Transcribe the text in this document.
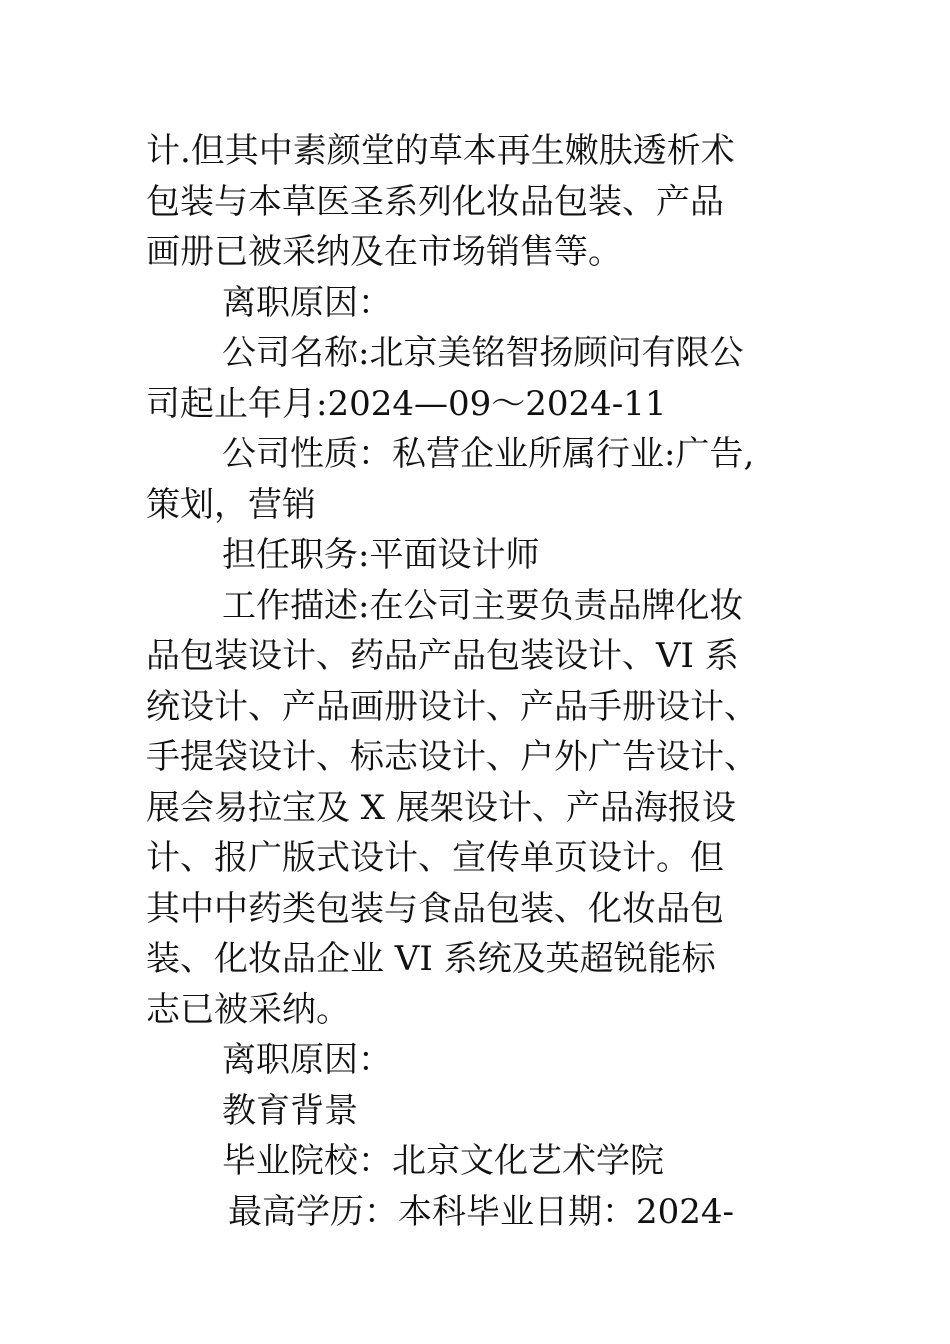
计.但其中素颜堂的草本再生嫩肤透析术
包装与本草医圣系列化妆品包装、产品
画册已被采纳及在市场销售等。
离职原因：
公司名称:北京美铭智扬顾问有限公
司起止年月:2024—09～2024-11
公司性质：私营企业所属行业:广告,
策划，营销
担任职务:平面设计师
工作描述:在公司主要负责品牌化妆
品包装设计、药品产品包装设计、VI 系
统设计、产品画册设计、产品手册设计、
手提袋设计、标志设计、户外广告设计、
展会易拉宝及 X 展架设计、产品海报设
计、报广版式设计、宣传单页设计。但
其中中药类包装与食品包装、化妆品包
装、化妆品企业 VI 系统及英超锐能标
志已被采纳。
离职原因：
教育背景
毕业院校：北京文化艺术学院
最高学历：本科毕业日期：2024-
